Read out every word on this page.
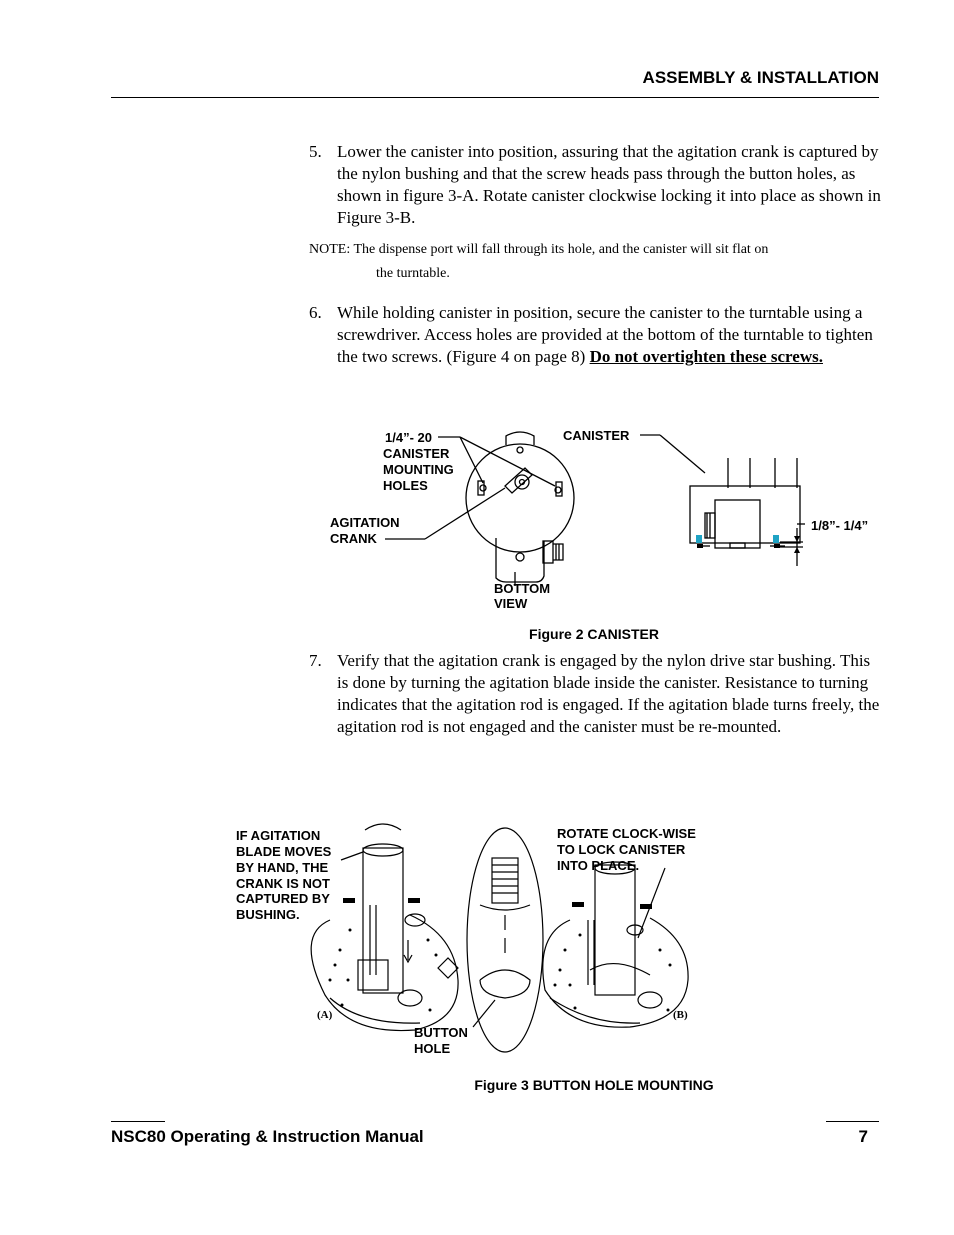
ASSEMBLY & INSTALLATION
5. Lower the canister into position, assuring that the agitation crank is captured by the nylon bushing and that the screw heads pass through the button holes, as shown in figure 3-A. Rotate canister clockwise locking it into place as shown in Figure 3-B.
NOTE: The dispense port will fall through its hole, and the canister will sit flat on
the turntable.
6. While holding canister in position, secure the canister to the turntable using a screwdriver. Access holes are provided at the bottom of the turntable to tighten the two screws. (Figure 4 on page 8) Do not overtighten these screws.
1/4”- 20
CANISTER
MOUNTING
HOLES
AGITATION
CRANK
BOTTOM
VIEW
CANISTER
1/8”- 1/4”
Figure 2 CANISTER
7. Verify that the agitation crank is engaged by the nylon drive star bushing. This is done by turning the agitation blade inside the canister. Resistance to turning indicates that the agitation rod is engaged. If the agitation blade turns freely, the agitation rod is not engaged and the canister must be re-mounted.
IF AGITATION
BLADE MOVES
BY HAND, THE
CRANK IS NOT
CAPTURED BY
BUSHING.
ROTATE CLOCK-WISE
TO LOCK CANISTER
INTO PLACE.
BUTTON
HOLE
(A)	(B)
Figure 3 BUTTON HOLE MOUNTING
NSC80 Operating & Instruction Manual	7
